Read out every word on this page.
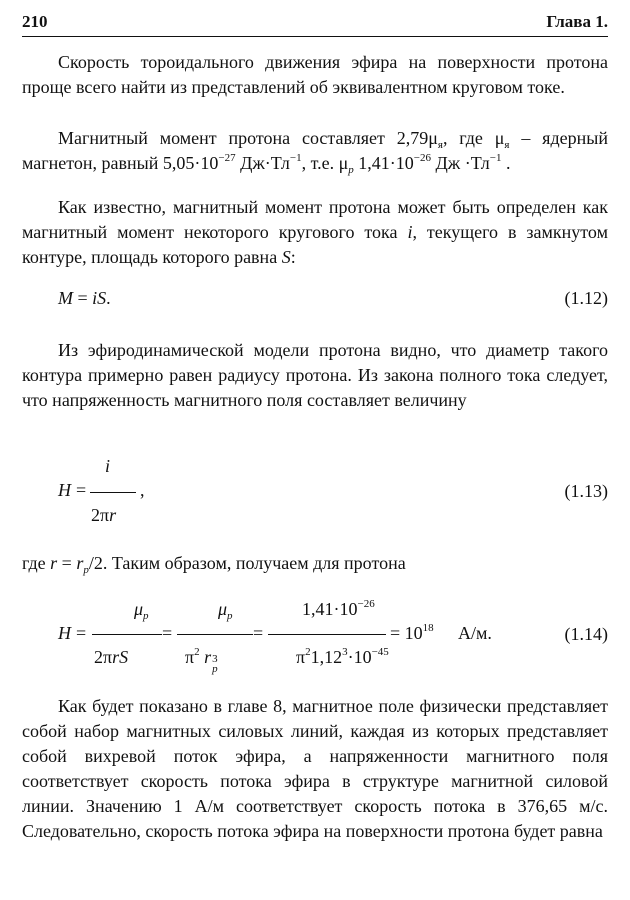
210	Глава 1.
Скорость тороидального движения эфира на поверхности протона проще всего найти из представлений об эквивалентном круговом токе.
Магнитный момент протона составляет $2,79\mu_я$, где $\mu_я$ – ядерный магнетон, равный $5,05\cdot 10^{-27}$ $Дж\cdot Тл^{-1}$, т.е. $\mu_p$ $1,41\cdot 10^{-26}$ Дж $\cdot Тл^{-1}$ .
Как известно, магнитный момент протона может быть определен как магнитный момент некоторого кругового тока i, текущего в замкнутом контуре, площадь которого равна S:
M = iS.	(1.12)
Из эфиродинамической модели протона видно, что диаметр такого контура примерно равен радиусу протона. Из закона полного тока следует, что напряженность магнитного поля составляет величину
H =
i
2πr
,	(1.13)
где $r = r_p/2$. Таким образом, получаем для протона
H =
$\mu_p$
2πrS
=
$\mu_p$
$\pi^2$ r
p
3
=
$1,41\cdot 10^{-26}$
$\pi^21,12^3\cdot 10^{-45}$
= $10^{18}$ А/м.	(1.14)
Как будет показано в главе 8, магнитное поле физически представляет собой набор магнитных силовых линий, каждая из которых представляет собой вихревой поток эфира, а напряженности магнитного поля соответствует скорость потока эфира в структуре магнитной силовой линии. Значению 1 А/м соответствует скорость потока в 376,65 м/с. Следовательно, скорость потока эфира на поверхности протона будет равна
